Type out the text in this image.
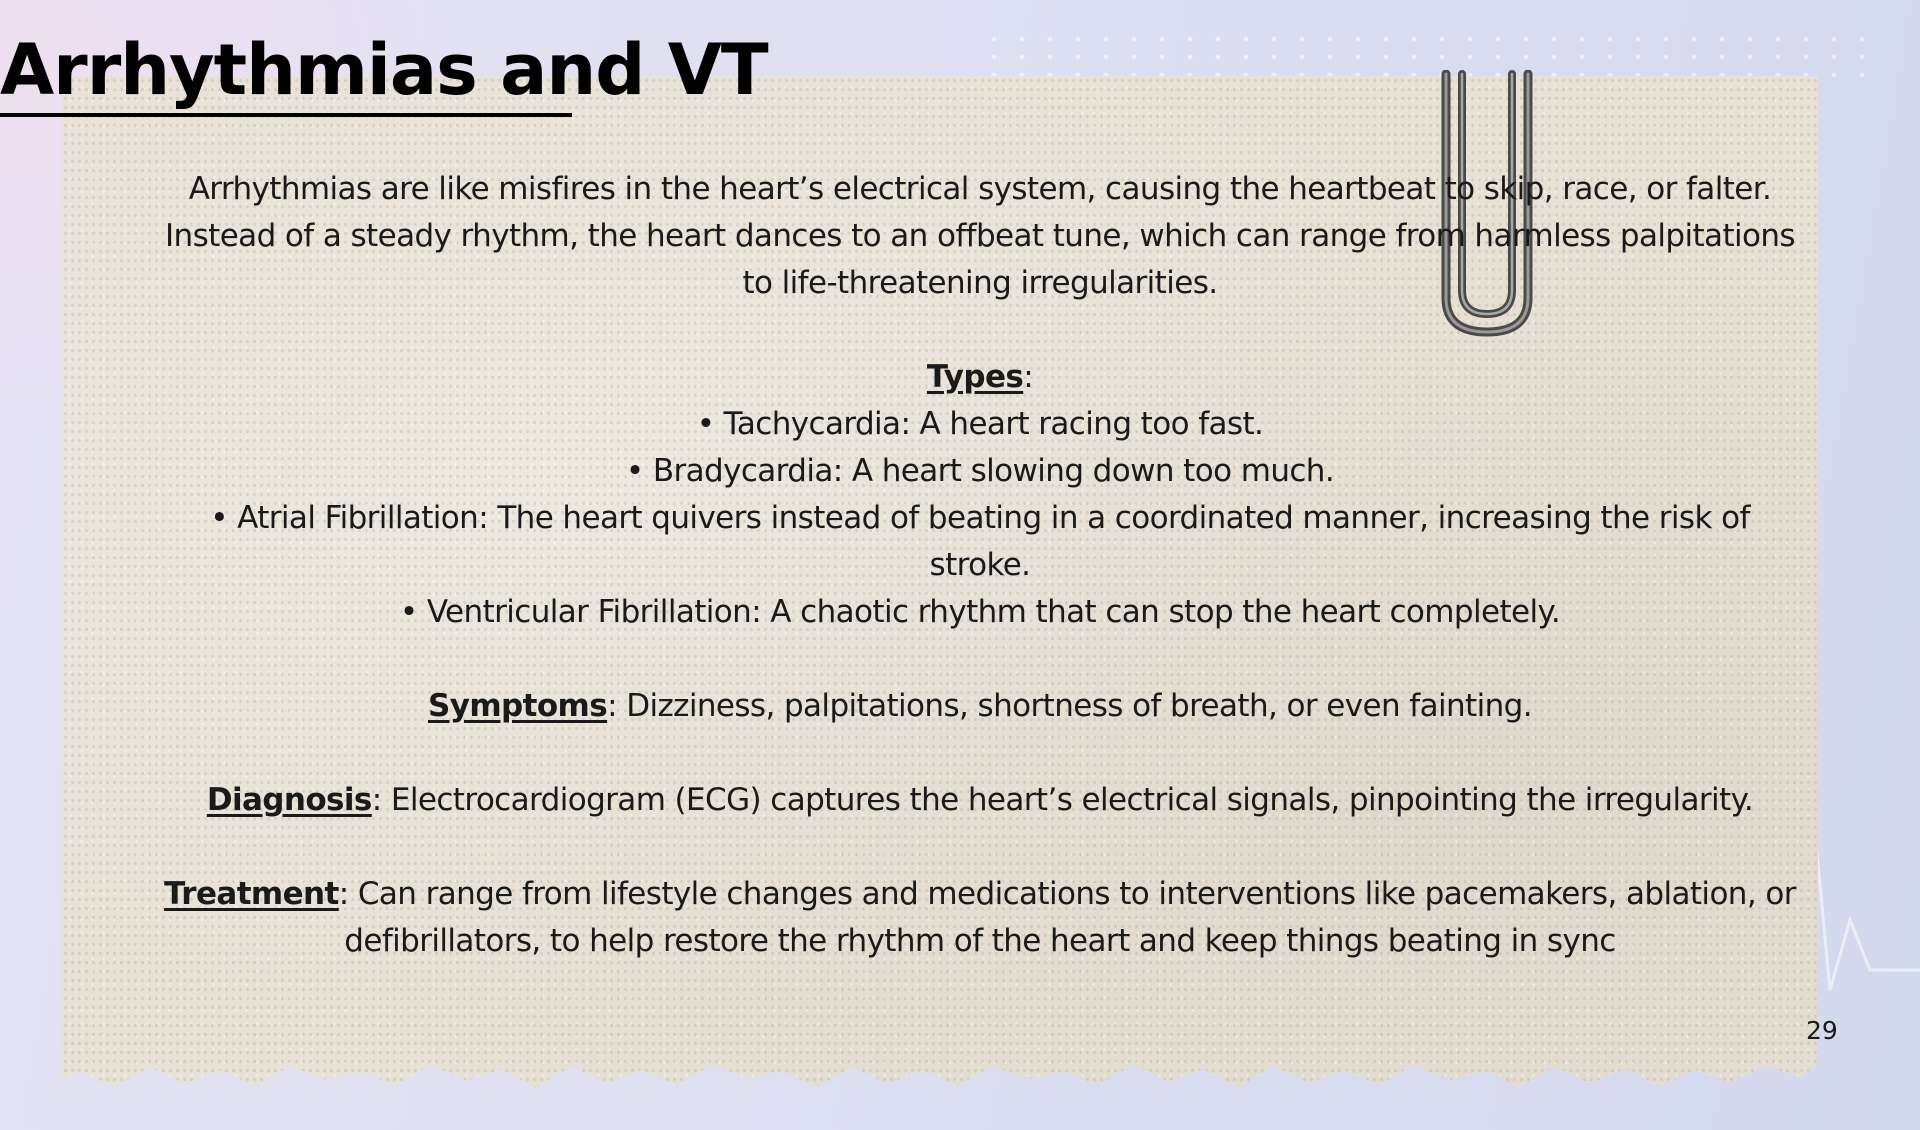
Arrhythmias and VT

Arrhythmias are like misfires in the heart’s electrical system, causing the heartbeat to skip, race, or falter. Instead of a steady rhythm, the heart dances to an offbeat tune, which can range from harmless palpitations to life-threatening irregularities.

Types:

• Tachycardia: A heart racing too fast.
• Bradycardia: A heart slowing down too much.
• Atrial Fibrillation: The heart quivers instead of beating in a coordinated manner, increasing the risk of stroke.
• Ventricular Fibrillation: A chaotic rhythm that can stop the heart completely.

Symptoms: Dizziness, palpitations, shortness of breath, or even fainting.

Diagnosis: Electrocardiogram (ECG) captures the heart’s electrical signals, pinpointing the irregularity.

Treatment: Can range from lifestyle changes and medications to interventions like pacemakers, ablation, or defibrillators, to help restore the rhythm of the heart and keep things beating in sync

29
